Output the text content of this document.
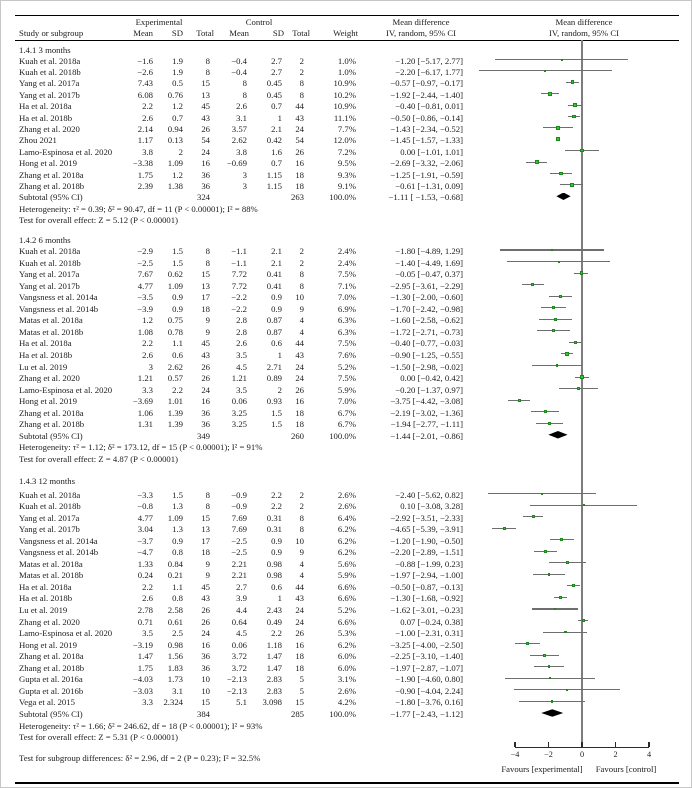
Experimental	Control	Mean difference	Mean difference
Study or subgroup	Mean	SD	Total	Mean	SD Total	Weight	IV, random, 95% CI	IV, random, 95% CI
1.4.1 3 months
Kuah et al. 2018a	−1.6	1.9	8	−0.4	2.7	2	1.0%	−1.20 [−5.17, 2.77]
Kuah et al. 2018b	−2.6	1.9	8	−0.4	2.7	2	1.0%	−2.20 [−6.17, 1.77]
Yang et al. 2017a	7.43	0.5	15	8	0.45	8	10.9%	−0.57 [−0.97, −0.17]
Yang et al. 2017b	6.08	0.76	13	8	0.45	8	10.2%	−1.92 [−2.44, −1.40]
Ha et al. 2018a	2.2	1.2	45	2.6	0.7	44	10.9%	−0.40 [−0.81, 0.01]
Ha et al. 2018b	2.6	0.7	43	3.1	1	43	11.1%	−0.50 [−0.86, −0.14]
Zhang et al. 2020	2.14	0.94	26	3.57	2.1	24	7.7%	−1.43 [−2.34, −0.52]
Zhou 2021	1.17	0.13	54	2.62	0.42	54	12.0%	−1.45 [−1.57, −1.33]
Lamo-Espinosa et al. 2020	3.8	2	24	3.8	1.6	26	7.2%	0.00 [−1.01, 1.01]
Hong et al. 2019	−3.38	1.09	16	−0.69	0.7	16	9.5%	−2.69 [−3.32, −2.06]
Zhang et al. 2018a	1.75	1.2	36	3	1.15	18	9.3%	−1.25 [−1.91, −0.59]
Zhang et al. 2018b	2.39	1.38	36	3	1.15	18	9.1%	−0.61 [−1.31, 0.09]
Subtotal (95% CI)	324	263	100.0%	−1.11 [ −1.53, −0.68]
Heterogeneity: τ² = 0.39; δ² = 90.47, df = 11 (P < 0.00001); I² = 88%
Test for overall effect: Z = 5.12 (P < 0.00001)
1.4.2 6 months
Kuah et al. 2018a	−2.9	1.5	8	−1.1	2.1	2	2.4%	−1.80 [−4.89, 1.29]
Kuah et al. 2018b	−2.5	1.5	8	−1.1	2.1	2	2.4%	−1.40 [−4.49, 1.69]
Yang et al. 2017a	7.67	0.62	15	7.72	0.41	8	7.5%	−0.05 [−0.47, 0.37]
Yang et al. 2017b	4.77	1.09	13	7.72	0.41	8	7.1%	−2.95 [−3.61, −2.29]
Vangsness et al. 2014a	−3.5	0.9	17	−2.2	0.9	10	7.0%	−1.30 [−2.00, −0.60]
Vangsness et al. 2014b	−3.9	0.9	18	−2.2	0.9	9	6.9%	−1.70 [−2.42, −0.98]
Matas et al. 2018a	1.2	0.75	9	2.8	0.87	4	6.3%	−1.60 [−2.58, −0.62]
Matas et al. 2018b	1.08	0.78	9	2.8	0.87	4	6.3%	−1.72 [−2.71, −0.73]
Ha et al. 2018a	2.2	1.1	45	2.6	0.6	44	7.5%	−0.40 [−0.77, −0.03]
Ha et al. 2018b	2.6	0.6	43	3.5	1	43	7.6%	−0.90 [−1.25, −0.55]
Lu et al. 2019	3	2.62	26	4.5	2.71	24	5.2%	−1.50 [−2.98, −0.02]
Zhang et al. 2020	1.21	0.57	26	1.21	0.89	24	7.5%	0.00 [−0.42, 0.42]
Lamo-Espinosa et al. 2020	3.3	2.2	24	3.5	2	26	5.9%	−0.20 [−1.37, 0.97]
Hong et al. 2019	−3.69	1.01	16	0.06	0.93	16	7.0%	−3.75 [−4.42, −3.08]
Zhang et al. 2018a	1.06	1.39	36	3.25	1.5	18	6.7%	−2.19 [−3.02, −1.36]
Zhang et al. 2018b	1.31	1.39	36	3.25	1.5	18	6.7%	−1.94 [−2.77, −1.11]
Subtotal (95% CI)	349	260	100.0%	−1.44 [−2.01, −0.86]
Heterogeneity: τ² = 1.12; δ² = 173.12, df = 15 (P < 0.00001); I² = 91%
Test for overall effect: Z = 4.87 (P < 0.00001)
1.4.3 12 months
Kuah et al. 2018a	−3.3	1.5	8	−0.9	2.2	2	2.6%	−2.40 [−5.62, 0.82]
Kuah et al. 2018b	−0.8	1.3	8	−0.9	2.2	2	2.6%	0.10 [−3.08, 3.28]
Yang et al. 2017a	4.77	1.09	15	7.69	0.31	8	6.4%	−2.92 [−3.51, −2.33]
Yang et al. 2017b	3.04	1.3	13	7.69	0.31	8	6.2%	−4.65 [−5.39, −3.91]
Vangsness et al. 2014a	−3.7	0.9	17	−2.5	0.9	10	6.2%	−1.20 [−1.90, −0.50]
Vangsness et al. 2014b	−4.7	0.8	18	−2.5	0.9	9	6.2%	−2.20 [−2.89, −1.51]
Matas et al. 2018a	1.33	0.84	9	2.21	0.98	4	5.6%	−0.88 [−1.99, 0.23]
Matas et al. 2018b	0.24	0.21	9	2.21	0.98	4	5.9%	−1.97 [−2.94, −1.00]
Ha et al. 2018a	2.2	1.1	45	2.7	0.6	44	6.6%	−0.50 [−0.87, −0.13]
Ha et al. 2018b	2.6	0.8	43	3.9	1	43	6.6%	−1.30 [−1.68, −0.92]
Lu et al. 2019	2.78	2.58	26	4.4	2.43	24	5.2%	−1.62 [−3.01, −0.23]
Zhang et al. 2020	0.71	0.61	26	0.64	0.49	24	6.6%	0.07 [−0.24, 0.38]
Lamo-Espinosa et al. 2020	3.5	2.5	24	4.5	2.2	26	5.3%	−1.00 [−2.31, 0.31]
Hong et al. 2019	−3.19	0.98	16	0.06	1.18	16	6.2%	−3.25 [−4.00, −2.50]
Zhang et al. 2018a	1.47	1.56	36	3.72	1.47	18	6.0%	−2.25 [−3.10, −1.40]
Zhang et al. 2018b	1.75	1.83	36	3.72	1.47	18	6.0%	−1.97 [−2.87, −1.07]
Gupta et al. 2016a	−4.03	1.73	10	−2.13	2.83	5	3.1%	−1.90 [−4.60, 0.80]
Gupta et al. 2016b	−3.03	3.1	10	−2.13	2.83	5	2.6%	−0.90 [−4.04, 2.24]
Vega et al. 2015	3.3	2.324	15	5.1	3.098	15	4.2%	−1.80 [−3.76, 0.16]
Subtotal (95% CI)	384	285	100.0%	−1.77 [−2.43, −1.12]
Heterogeneity: τ² = 1.66; δ² = 246.62, df = 18 (P < 0.00001); I² = 93%
Test for overall effect: Z = 5.31 (P < 0.00001)
Test for subgroup differences: δ² = 2.96, df = 2 (P = 0.23); I² = 32.5%
Favours [experimental]	Favours [control]
−4	−2	0	2	4
